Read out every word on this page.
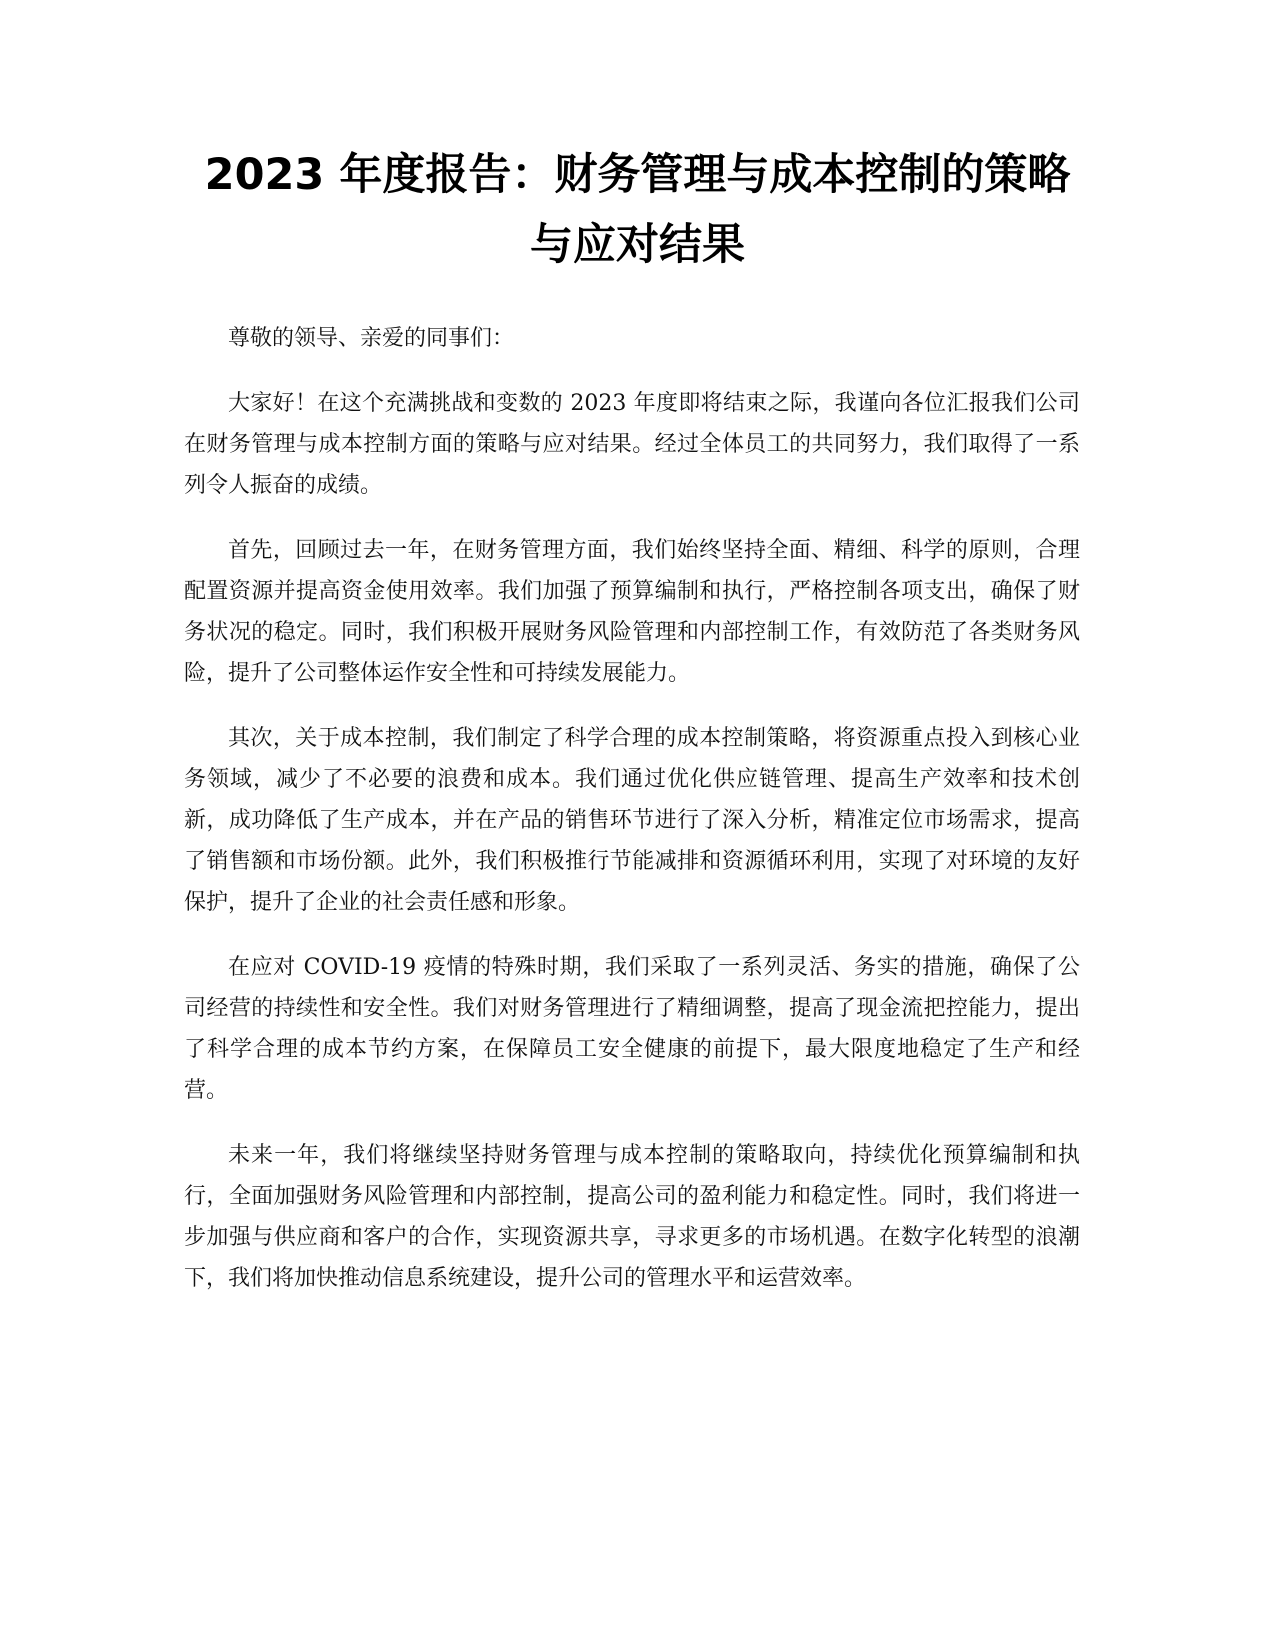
2023 年度报告：财务管理与成本控制的策略
与应对结果

尊敬的领导、亲爱的同事们：

大家好！在这个充满挑战和变数的 2023 年度即将结束之际，我谨向各位汇报我们公司在财务管理与成本控制方面的策略与应对结果。经过全体员工的共同努力，我们取得了一系列令人振奋的成绩。

首先，回顾过去一年，在财务管理方面，我们始终坚持全面、精细、科学的原则，合理配置资源并提高资金使用效率。我们加强了预算编制和执行，严格控制各项支出，确保了财务状况的稳定。同时，我们积极开展财务风险管理和内部控制工作，有效防范了各类财务风险，提升了公司整体运作安全性和可持续发展能力。

其次，关于成本控制，我们制定了科学合理的成本控制策略，将资源重点投入到核心业务领域，减少了不必要的浪费和成本。我们通过优化供应链管理、提高生产效率和技术创新，成功降低了生产成本，并在产品的销售环节进行了深入分析，精准定位市场需求，提高了销售额和市场份额。此外，我们积极推行节能减排和资源循环利用，实现了对环境的友好保护，提升了企业的社会责任感和形象。

在应对 COVID-19 疫情的特殊时期，我们采取了一系列灵活、务实的措施，确保了公司经营的持续性和安全性。我们对财务管理进行了精细调整，提高了现金流把控能力，提出了科学合理的成本节约方案，在保障员工安全健康的前提下，最大限度地稳定了生产和经营。

未来一年，我们将继续坚持财务管理与成本控制的策略取向，持续优化预算编制和执行，全面加强财务风险管理和内部控制，提高公司的盈利能力和稳定性。同时，我们将进一步加强与供应商和客户的合作，实现资源共享，寻求更多的市场机遇。在数字化转型的浪潮下，我们将加快推动信息系统建设，提升公司的管理水平和运营效率。
